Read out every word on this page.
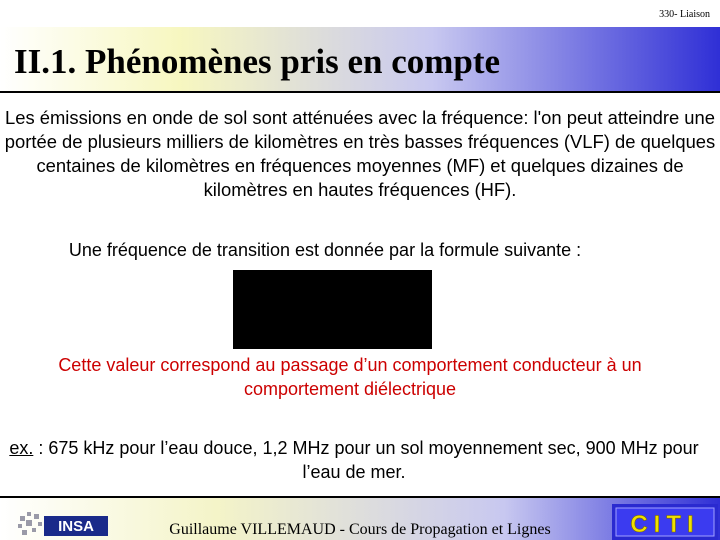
330- Liaison
II.1. Phénomènes pris en compte

Les émissions en onde de sol sont atténuées avec la fréquence: l'on peut atteindre une portée de plusieurs milliers de kilomètres en très basses fréquences (VLF) de quelques centaines de kilomètres en fréquences moyennes (MF) et quelques dizaines de kilomètres en hautes fréquences (HF).

Une fréquence de transition est donnée par la formule suivante :

Cette valeur correspond au passage d’un comportement conducteur à un comportement diélectrique

ex. : 675 kHz pour l’eau douce, 1,2 MHz pour un sol moyennement sec, 900 MHz pour l’eau de mer.

INSA	Guillaume VILLEMAUD - Cours de Propagation et Lignes	CITI
